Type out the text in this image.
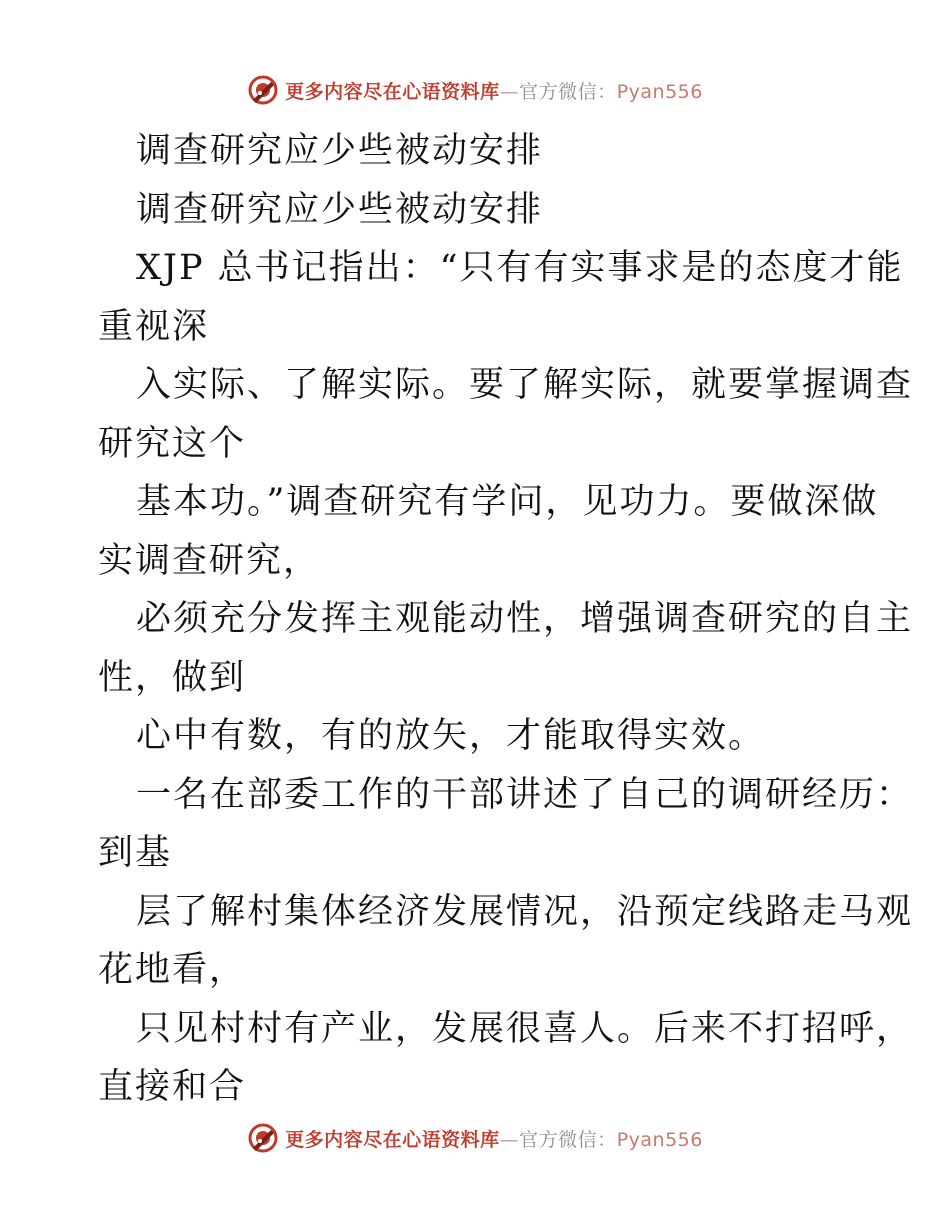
更多内容尽在心语资料库—官方微信：Pyan556
调查研究应少些被动安排
调查研究应少些被动安排
XJP 总书记指出：“只有有实事求是的态度才能
重视深
入实际、了解实际。要了解实际，就要掌握调查
研究这个
基本功。”调查研究有学问，见功力。要做深做
实调查研究，
必须充分发挥主观能动性，增强调查研究的自主
性，做到
心中有数，有的放矢，才能取得实效。
一名在部委工作的干部讲述了自己的调研经历：
到基
层了解村集体经济发展情况，沿预定线路走马观
花地看，
只见村村有产业，发展很喜人。后来不打招呼，
直接和合
更多内容尽在心语资料库—官方微信：Pyan556
